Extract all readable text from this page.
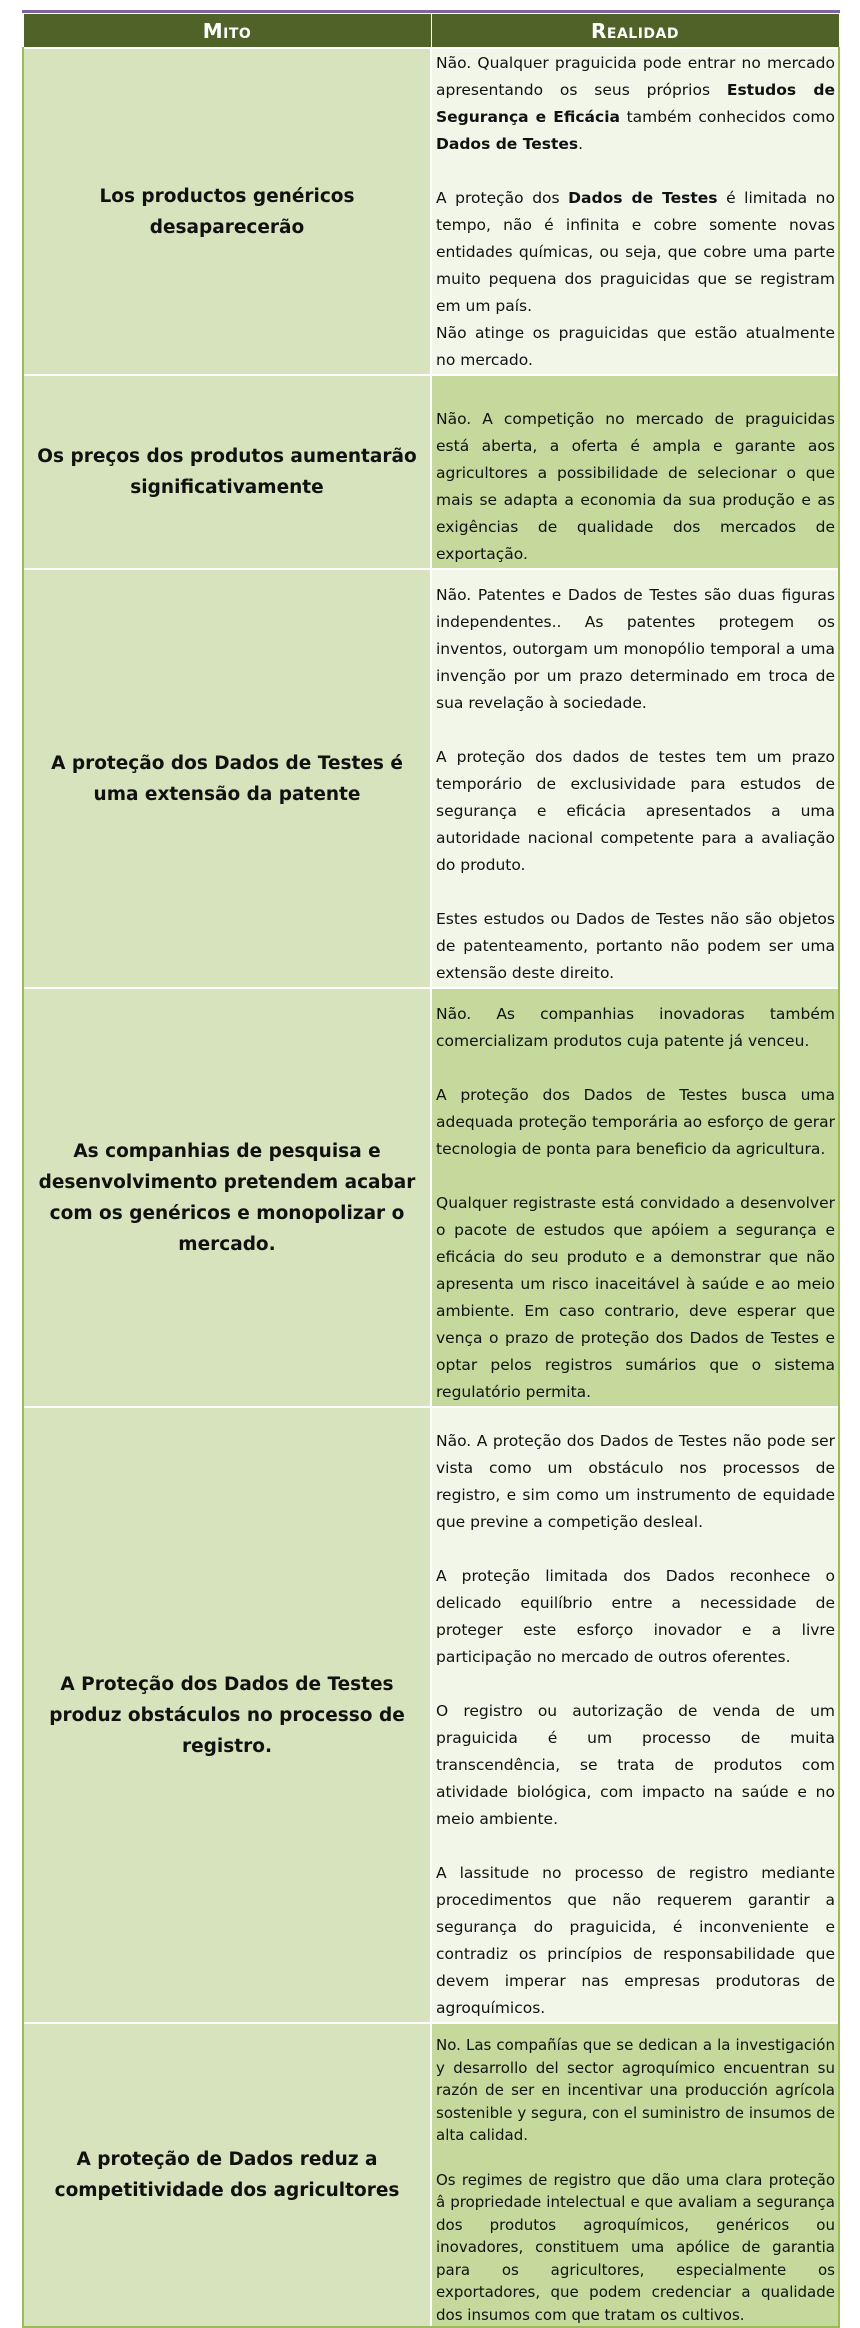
Mito	Realidad
Los productos genéricos desaparecerão	Não. Qualquer praguicida pode entrar no mercado apresentando os seus próprios Estudos de Segurança e Eficácia também conhecidos como Dados de Testes.

A proteção dos Dados de Testes é limitada no tempo, não é infinita e cobre somente novas entidades químicas, ou seja, que cobre uma parte muito pequena dos praguicidas que se registram em um país.
Não atinge os praguicidas que estão atualmente no mercado.

Os preços dos produtos aumentarão significativamente	Não. A competição no mercado de praguicidas está aberta, a oferta é ampla e garante aos agricultores a possibilidade de selecionar o que mais se adapta a economia da sua produção e as exigências de qualidade dos mercados de exportação.

A proteção dos Dados de Testes é uma extensão da patente	Não. Patentes e Dados de Testes são duas figuras independentes.. As patentes protegem os inventos, outorgam um monopólio temporal a uma invenção por um prazo determinado em troca de sua revelação à sociedade.

A proteção dos dados de testes tem um prazo temporário de exclusividade para estudos de segurança e eficácia apresentados a uma autoridade nacional competente para a avaliação do produto.

Estes estudos ou Dados de Testes não são objetos de patenteamento, portanto não podem ser uma extensão deste direito.

As companhias de pesquisa e desenvolvimento pretendem acabar com os genéricos e monopolizar o mercado.	Não. As companhias inovadoras também comercializam produtos cuja patente já venceu.

A proteção dos Dados de Testes busca uma adequada proteção temporária ao esforço de gerar tecnologia de ponta para beneficio da agricultura.

Qualquer registraste está convidado a desenvolver o pacote de estudos que apóiem a segurança e eficácia do seu produto e a demonstrar que não apresenta um risco inaceitável à saúde e ao meio ambiente. Em caso contrario, deve esperar que vença o prazo de proteção dos Dados de Testes e optar pelos registros sumários que o sistema regulatório permita.

A Proteção dos Dados de Testes produz obstáculos no processo de registro.	Não. A proteção dos Dados de Testes não pode ser vista como um obstáculo nos processos de registro, e sim como um instrumento de equidade que previne a competição desleal.

A proteção limitada dos Dados reconhece o delicado equilíbrio entre a necessidade de proteger este esforço inovador e a livre participação no mercado de outros oferentes.

O registro ou autorização de venda de um praguicida é um processo de muita transcendência, se trata de produtos com atividade biológica, com impacto na saúde e no meio ambiente.

A lassitude no processo de registro mediante procedimentos que não requerem garantir a segurança do praguicida, é inconveniente e contradiz os princípios de responsabilidade que devem imperar nas empresas produtoras de agroquímicos.

A proteção de Dados reduz a competitividade dos agricultores	No. Las compañías que se dedican a la investigación y desarrollo del sector agroquímico encuentran su razón de ser en incentivar una producción agrícola sostenible y segura, con el suministro de insumos de alta calidad.

Os regimes de registro que dão uma clara proteção â propriedade intelectual e que avaliam a segurança dos produtos agroquímicos, genéricos ou inovadores, constituem uma apólice de garantia para os agricultores, especialmente os exportadores, que podem credenciar a qualidade dos insumos com que tratam os cultivos.
